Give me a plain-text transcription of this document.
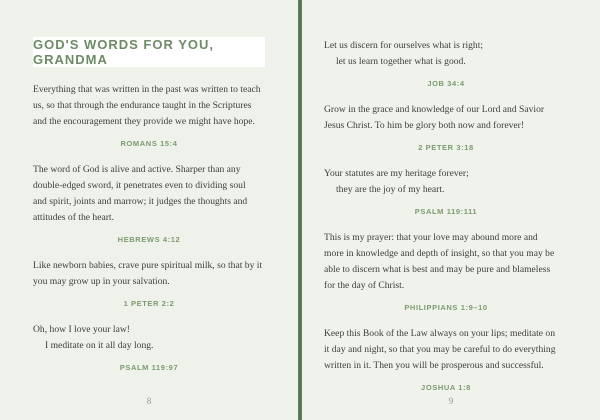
GOD'S WORDS FOR YOU, GRANDMA

Everything that was written in the past was written to teach
us, so that through the endurance taught in the Scriptures
and the encouragement they provide we might have hope.

ROMANS 15:4

The word of God is alive and active. Sharper than any
double-edged sword, it penetrates even to dividing soul
and spirit, joints and marrow; it judges the thoughts and
attitudes of the heart.

HEBREWS 4:12

Like newborn babies, crave pure spiritual milk, so that by it
you may grow up in your salvation.

1 PETER 2:2

Oh, how I love your law!
I meditate on it all day long.

PSALM 119:97
8

Let us discern for ourselves what is right;
let us learn together what is good.

JOB 34:4

Grow in the grace and knowledge of our Lord and Savior
Jesus Christ. To him be glory both now and forever!

2 PETER 3:18

Your statutes are my heritage forever;
they are the joy of my heart.

PSALM 119:111

This is my prayer: that your love may abound more and
more in knowledge and depth of insight, so that you may be
able to discern what is best and may be pure and blameless
for the day of Christ.

PHILIPPIANS 1:9–10

Keep this Book of the Law always on your lips; meditate on
it day and night, so that you may be careful to do everything
written in it. Then you will be prosperous and successful.

JOSHUA 1:8
9
